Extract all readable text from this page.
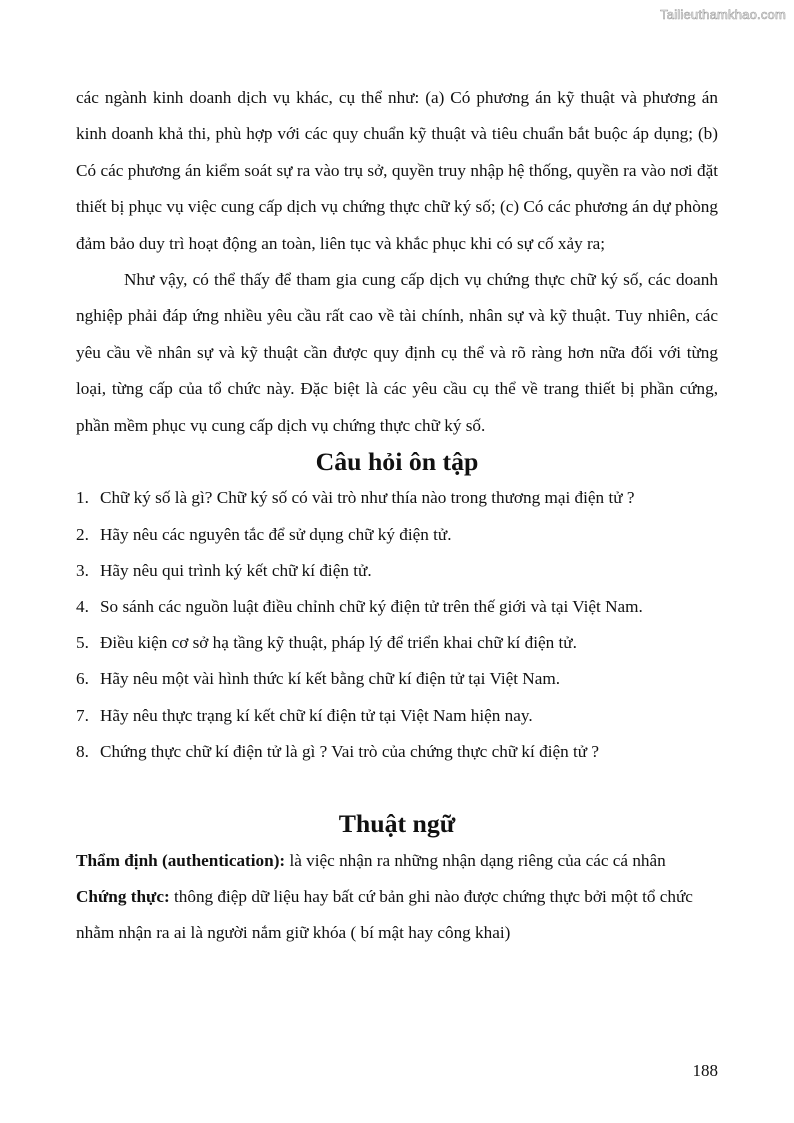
Tailieuthamkhao.com

các ngành kinh doanh dịch vụ khác, cụ thể như: (a) Có phương án kỹ thuật và phương án kinh doanh khả thi, phù hợp với các quy chuẩn kỹ thuật và tiêu chuẩn bắt buộc áp dụng; (b) Có các phương án kiểm soát sự ra vào trụ sở, quyền truy nhập hệ thống, quyền ra vào nơi đặt thiết bị phục vụ việc cung cấp dịch vụ chứng thực chữ ký số; (c) Có các phương án dự phòng đảm bảo duy trì hoạt động an toàn, liên tục và khắc phục khi có sự cố xảy ra;

Như vậy, có thể thấy để tham gia cung cấp dịch vụ chứng thực chữ ký số, các doanh nghiệp phải đáp ứng nhiều yêu cầu rất cao về tài chính, nhân sự và kỹ thuật. Tuy nhiên, các yêu cầu về nhân sự và kỹ thuật cần được quy định cụ thể và rõ ràng hơn nữa đối với từng loại, từng cấp của tổ chức này. Đặc biệt là các yêu cầu cụ thể về trang thiết bị phần cứng, phần mềm phục vụ cung cấp dịch vụ chứng thực chữ ký số.

Câu hỏi ôn tập
1. Chữ ký số là gì? Chữ ký số có vài trò như thía nào trong thương mại điện tử ?
2. Hãy nêu các nguyên tắc để sử dụng chữ ký điện tử.
3. Hãy nêu qui trình ký kết chữ kí điện tử.
4. So sánh các nguồn luật điều chỉnh chữ ký điện tử trên thế giới và tại Việt Nam.
5. Điều kiện cơ sở hạ tầng kỹ thuật, pháp lý để triển khai chữ kí điện tử.
6. Hãy nêu một vài hình thức kí kết bằng chữ kí điện tử tại Việt Nam.
7. Hãy nêu thực trạng kí kết chữ kí điện tử tại Việt Nam hiện nay.
8. Chứng thực chữ kí điện tử là gì ? Vai trò của chứng thực chữ kí điện tử ?
Thuật ngữ

Thẩm định (authentication): là việc nhận ra những nhận dạng riêng của các cá nhân

Chứng thực: thông điệp dữ liệu hay bất cứ bản ghi nào được chứng thực bởi một tổ chức nhằm nhận ra ai là người nắm giữ khóa ( bí mật hay công khai)

188
